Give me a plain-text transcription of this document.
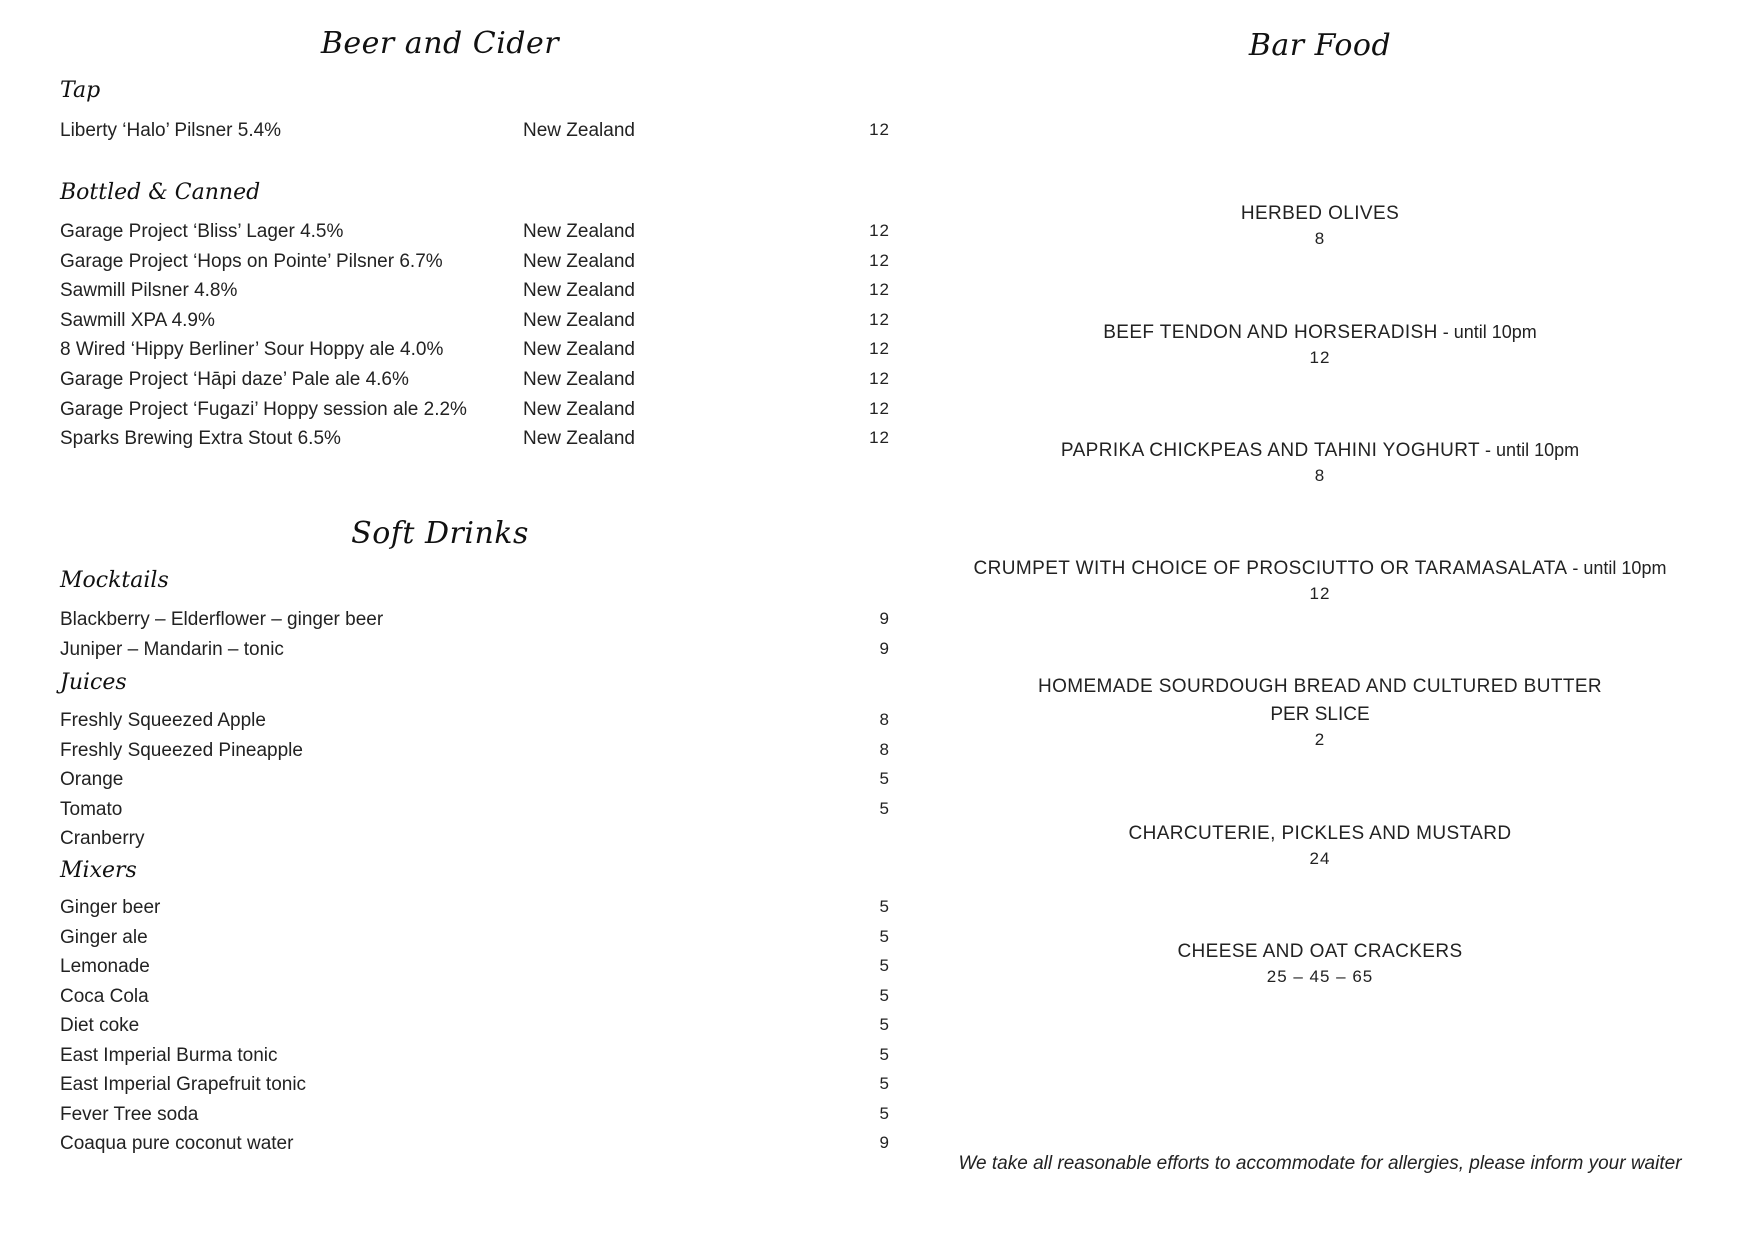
Beer and Cider
Tap
Liberty ‘Halo’ Pilsner 5.4%	New Zealand	12
Bottled & Canned
Garage Project ‘Bliss’ Lager 4.5%	New Zealand	12
Garage Project ‘Hops on Pointe’ Pilsner 6.7%	New Zealand	12
Sawmill Pilsner 4.8%	New Zealand	12
Sawmill XPA 4.9%	New Zealand	12
8 Wired ‘Hippy Berliner’ Sour Hoppy ale 4.0%	New Zealand	12
Garage Project ‘Hāpi daze’ Pale ale 4.6%	New Zealand	12
Garage Project ‘Fugazi’ Hoppy session ale 2.2%	New Zealand	12
Sparks Brewing Extra Stout 6.5%	New Zealand	12
Soft Drinks
Mocktails
Blackberry – Elderflower – ginger beer	9
Juniper – Mandarin – tonic	9
Juices
Freshly Squeezed Apple	8
Freshly Squeezed Pineapple	8
Orange	5
Tomato	5
Cranberry
Mixers
Ginger beer	5
Ginger ale	5
Lemonade	5
Coca Cola	5
Diet coke	5
East Imperial Burma tonic	5
East Imperial Grapefruit tonic	5
Fever Tree soda	5
Coaqua pure coconut water	9
Bar Food
HERBED OLIVES
8
BEEF TENDON AND HORSERADISH - until 10pm
12
PAPRIKA CHICKPEAS AND TAHINI YOGHURT - until 10pm
8
CRUMPET WITH CHOICE OF PROSCIUTTO OR TARAMASALATA - until 10pm
12
HOMEMADE SOURDOUGH BREAD AND CULTURED BUTTER
PER SLICE
2
CHARCUTERIE, PICKLES AND MUSTARD
24
CHEESE AND OAT CRACKERS
25 – 45 – 65
We take all reasonable efforts to accommodate for allergies, please inform your waiter
